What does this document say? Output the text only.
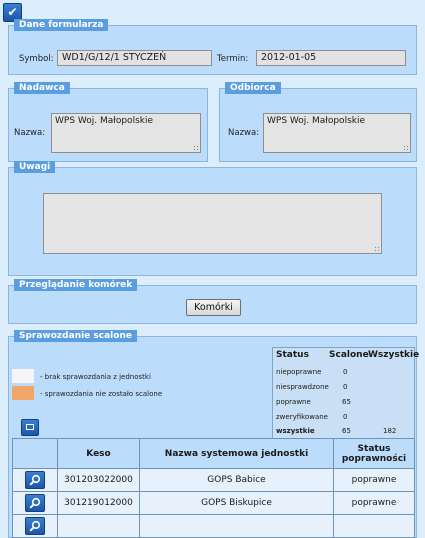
✔
Dane formularza
Symbol: WD1/G/12/1 STYCZEŃ	Termin:	2012-01-05
Nadawca
Nazwa:
WPS Woj. Małopolskie
Odbiorca
Nazwa:
WPS Woj. Małopolskie
Uwagi
Przeglądanie komórek
Komórki
Sprawozdanie scalone
- brak sprawozdania z jednostki
- sprawozdania nie zostało scalone
Status Scalone Wszystkie
niepoprawne	0
niesprawdzone 0
poprawne	65
zweryfikowane 0
wszystkie	65	182
	Keso	Nazwa systemowa jednostki	Status poprawności

	301203022000	GOPS Babice	poprawne

	301219012000	GOPS Biskupice	poprawne
